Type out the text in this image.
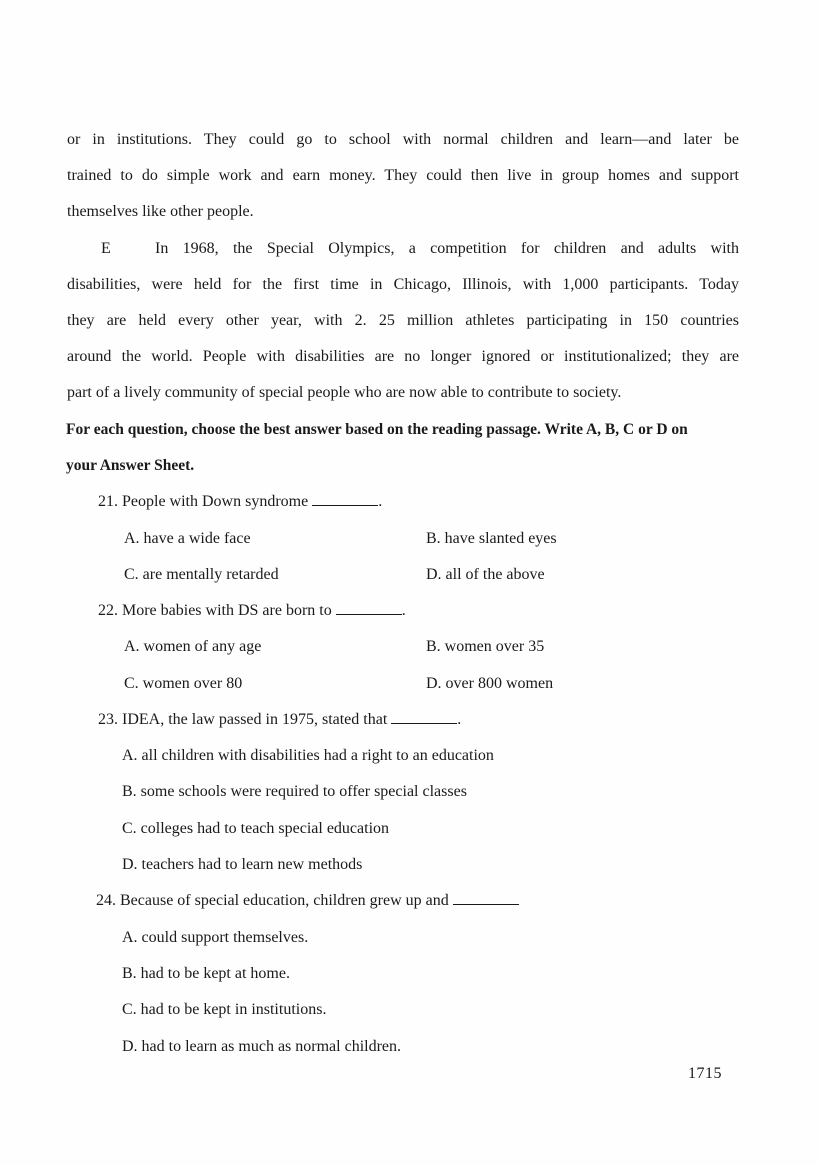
or in institutions. They could go to school with normal children and learn—and later be
trained to do simple work and earn money. They could then live in group homes and support
themselves like other people.
E	In 1968, the Special Olympics, a competition for children and adults with
disabilities, were held for the first time in Chicago, Illinois, with 1,000 participants. Today
they are held every other year, with 2. 25 million athletes participating in 150 countries
around the world. People with disabilities are no longer ignored or institutionalized; they are
part of a lively community of special people who are now able to contribute to society.
For each question, choose the best answer based on the reading passage. Write A, B, C or D on
your Answer Sheet.
21. People with Down syndrome	.
A. have a wide face	B. have slanted eyes
C. are mentally retarded	D. all of the above
22. More babies with DS are born to	.
A. women of any age	B. women over 35
C. women over 80	D. over 800 women
23. IDEA, the law passed in 1975, stated that	.
A. all children with disabilities had a right to an education
B. some schools were required to offer special classes
C. colleges had to teach special education
D. teachers had to learn new methods
24. Because of special education, children grew up and
A. could support themselves.
B. had to be kept at home.
C. had to be kept in institutions.
D. had to learn as much as normal children.
1715
